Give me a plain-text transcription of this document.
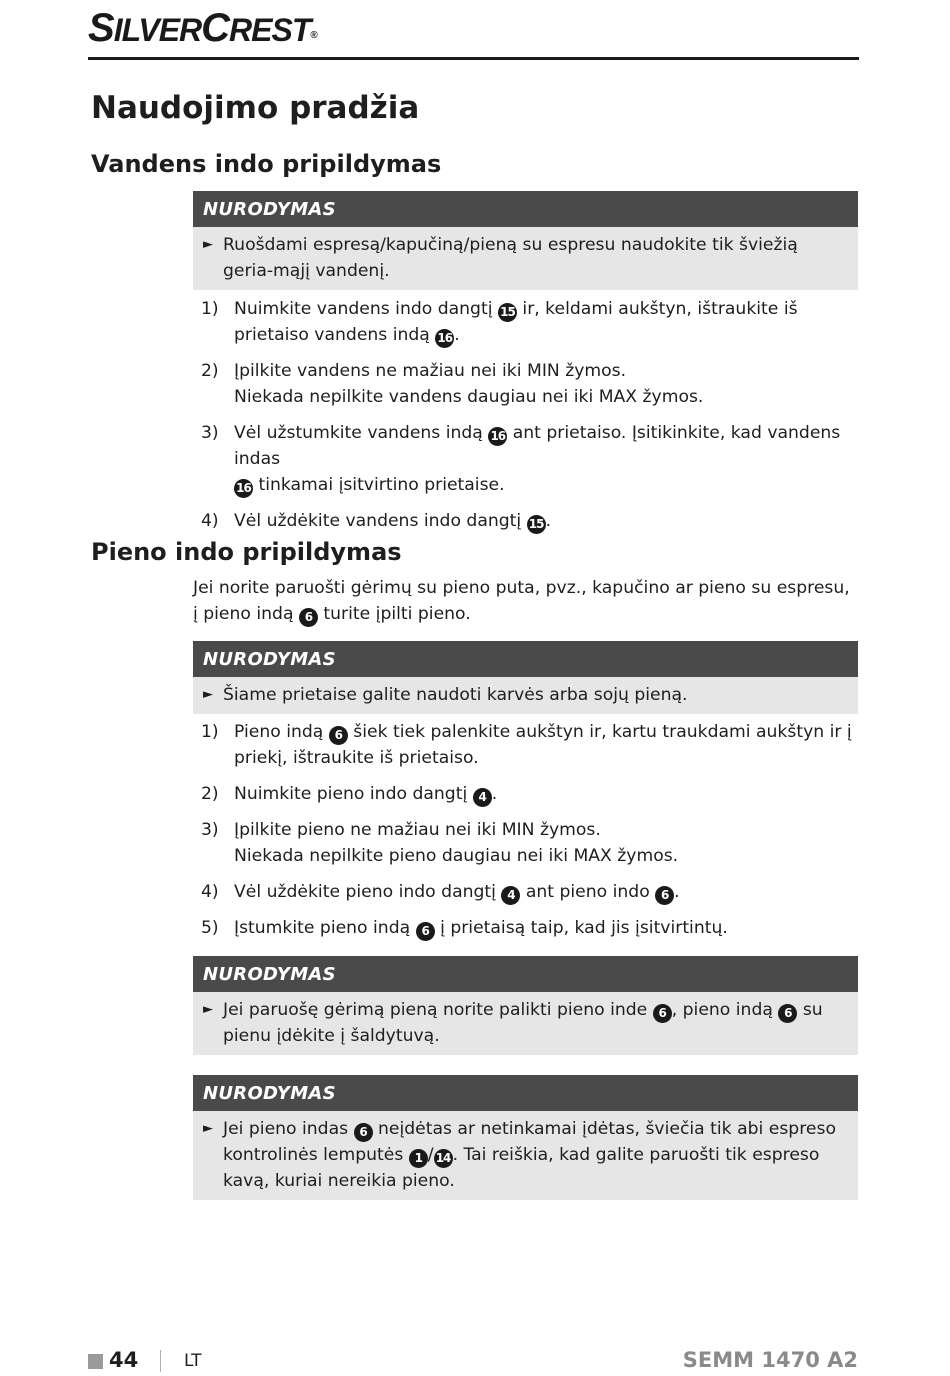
SILVERCREST®
Naudojimo pradžia
Vandens indo pripildymas
NURODYMAS
► Ruošdami espresą/kapučiną/pieną su espresu naudokite tik šviežią geria-mąjį vandenį.
1) Nuimkite vandens indo dangtį 15 ir, keldami aukštyn, ištraukite iš prietaiso vandens indą 16 .
2) Įpilkite vandens ne mažiau nei iki MIN žymos.
Niekada nepilkite vandens daugiau nei iki MAX žymos.
3) Vėl užstumkite vandens indą 16 ant prietaiso. Įsitikinkite, kad vandens indas
16 tinkamai įsitvirtino prietaise.
4) Vėl uždėkite vandens indo dangtį 15 .
Pieno indo pripildymas

Jei norite paruošti gėrimų su pieno puta, pvz., kapučino ar pieno su espresu, į pieno indą 6 turite įpilti pieno.

NURODYMAS
► Šiame prietaise galite naudoti karvės arba sojų pieną.
1) Pieno indą 6 šiek tiek palenkite aukštyn ir, kartu traukdami aukštyn ir į priekį, ištraukite iš prietaiso.
2) Nuimkite pieno indo dangtį 4 .
3) Įpilkite pieno ne mažiau nei iki MIN žymos.
Niekada nepilkite pieno daugiau nei iki MAX žymos.
4) Vėl uždėkite pieno indo dangtį 4 ant pieno indo 6 .
5) Įstumkite pieno indą 6 į prietaisą taip, kad jis įsitvirtintų.
NURODYMAS
► Jei paruošę gėrimą pieną norite palikti pieno inde 6 , pieno indą 6 su pienu įdėkite į šaldytuvą.
NURODYMAS
► Jei pieno indas 6 neįdėtas ar netinkamai įdėtas, šviečia tik abi espreso kontrolinės lemputės 1 / 14 . Tai reiškia, kad galite paruošti tik espreso kavą, kuriai nereikia pieno.
44	LT	SEMM 1470 A2
